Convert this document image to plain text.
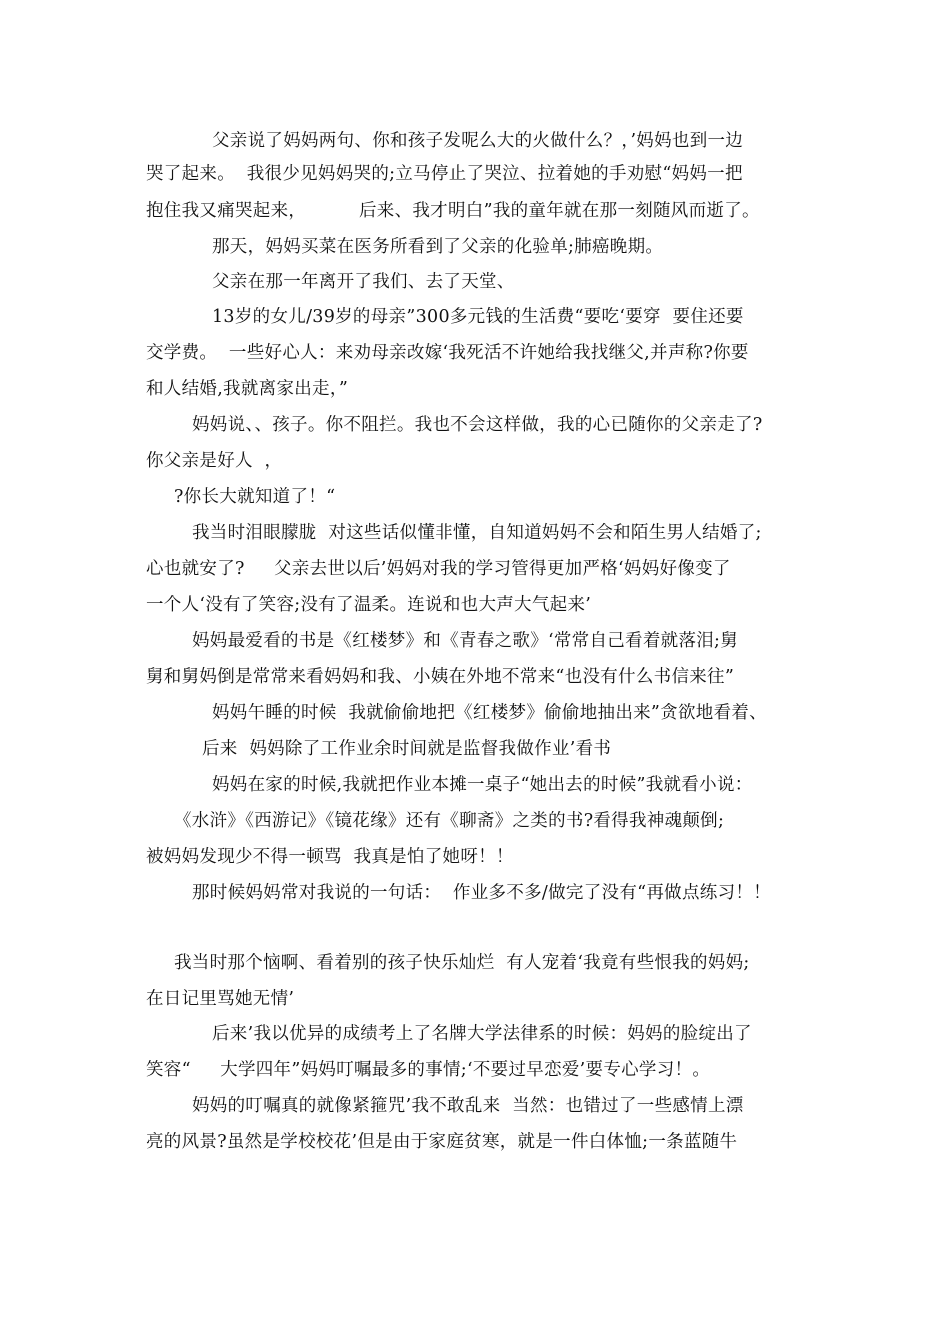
父亲说了妈妈两句、你和孩子发呢么大的火做什么？，’妈妈也到一边
哭了起来。  我很少见妈妈哭的;立马停止了哭泣、拉着她的手劝慰“妈妈一把
抱住我又痛哭起来，         后来、我才明白”我的童年就在那一刻随风而逝了。
那天，妈妈买菜在医务所看到了父亲的化验单;肺癌晚期。
父亲在那一年离开了我们、去了天堂、
13岁的女儿/39岁的母亲”300多元钱的生活费“要吃‘要穿  要住还要
交学费。  一些好心人：来劝母亲改嫁‘我死活不许她给我找继父,并声称?你要
和人结婚,我就离家出走，”
妈妈说、、孩子。你不阻拦。我也不会这样做，我的心已随你的父亲走了?
你父亲是好人  ，
?你长大就知道了！“
我当时泪眼朦胧  对这些话似懂非懂，自知道妈妈不会和陌生男人结婚了;
心也就安了?     父亲去世以后’妈妈对我的学习管得更加严格‘妈妈好像变了
一个人‘没有了笑容;没有了温柔。连说和也大声大气起来’
妈妈最爱看的书是《红楼梦》和《青春之歌》‘常常自己看着就落泪;舅
舅和舅妈倒是常常来看妈妈和我、小姨在外地不常来“也没有什么书信来往”
妈妈午睡的时候  我就偷偷地把《红楼梦》偷偷地抽出来”贪欲地看着、
后来  妈妈除了工作业余时间就是监督我做作业’看书
妈妈在家的时候,我就把作业本摊一桌子“她出去的时候”我就看小说：
《水浒》《西游记》《镜花缘》还有《聊斋》之类的书?看得我神魂颠倒;
被妈妈发现少不得一顿骂  我真是怕了她呀！！
那时候妈妈常对我说的一句话：  作业多不多/做完了没有“再做点练习！！
我当时那个恼啊、看着别的孩子快乐灿烂  有人宠着‘我竟有些恨我的妈妈;
在日记里骂她无情’
后来’我以优异的成绩考上了名牌大学法律系的时候：妈妈的脸绽出了
笑容“     大学四年”妈妈叮嘱最多的事情;‘不要过早恋爱’要专心学习！。
妈妈的叮嘱真的就像紧箍咒’我不敢乱来  当然：也错过了一些感情上漂
亮的风景?虽然是学校校花’但是由于家庭贫寒，就是一件白体恤;一条蓝随牛
